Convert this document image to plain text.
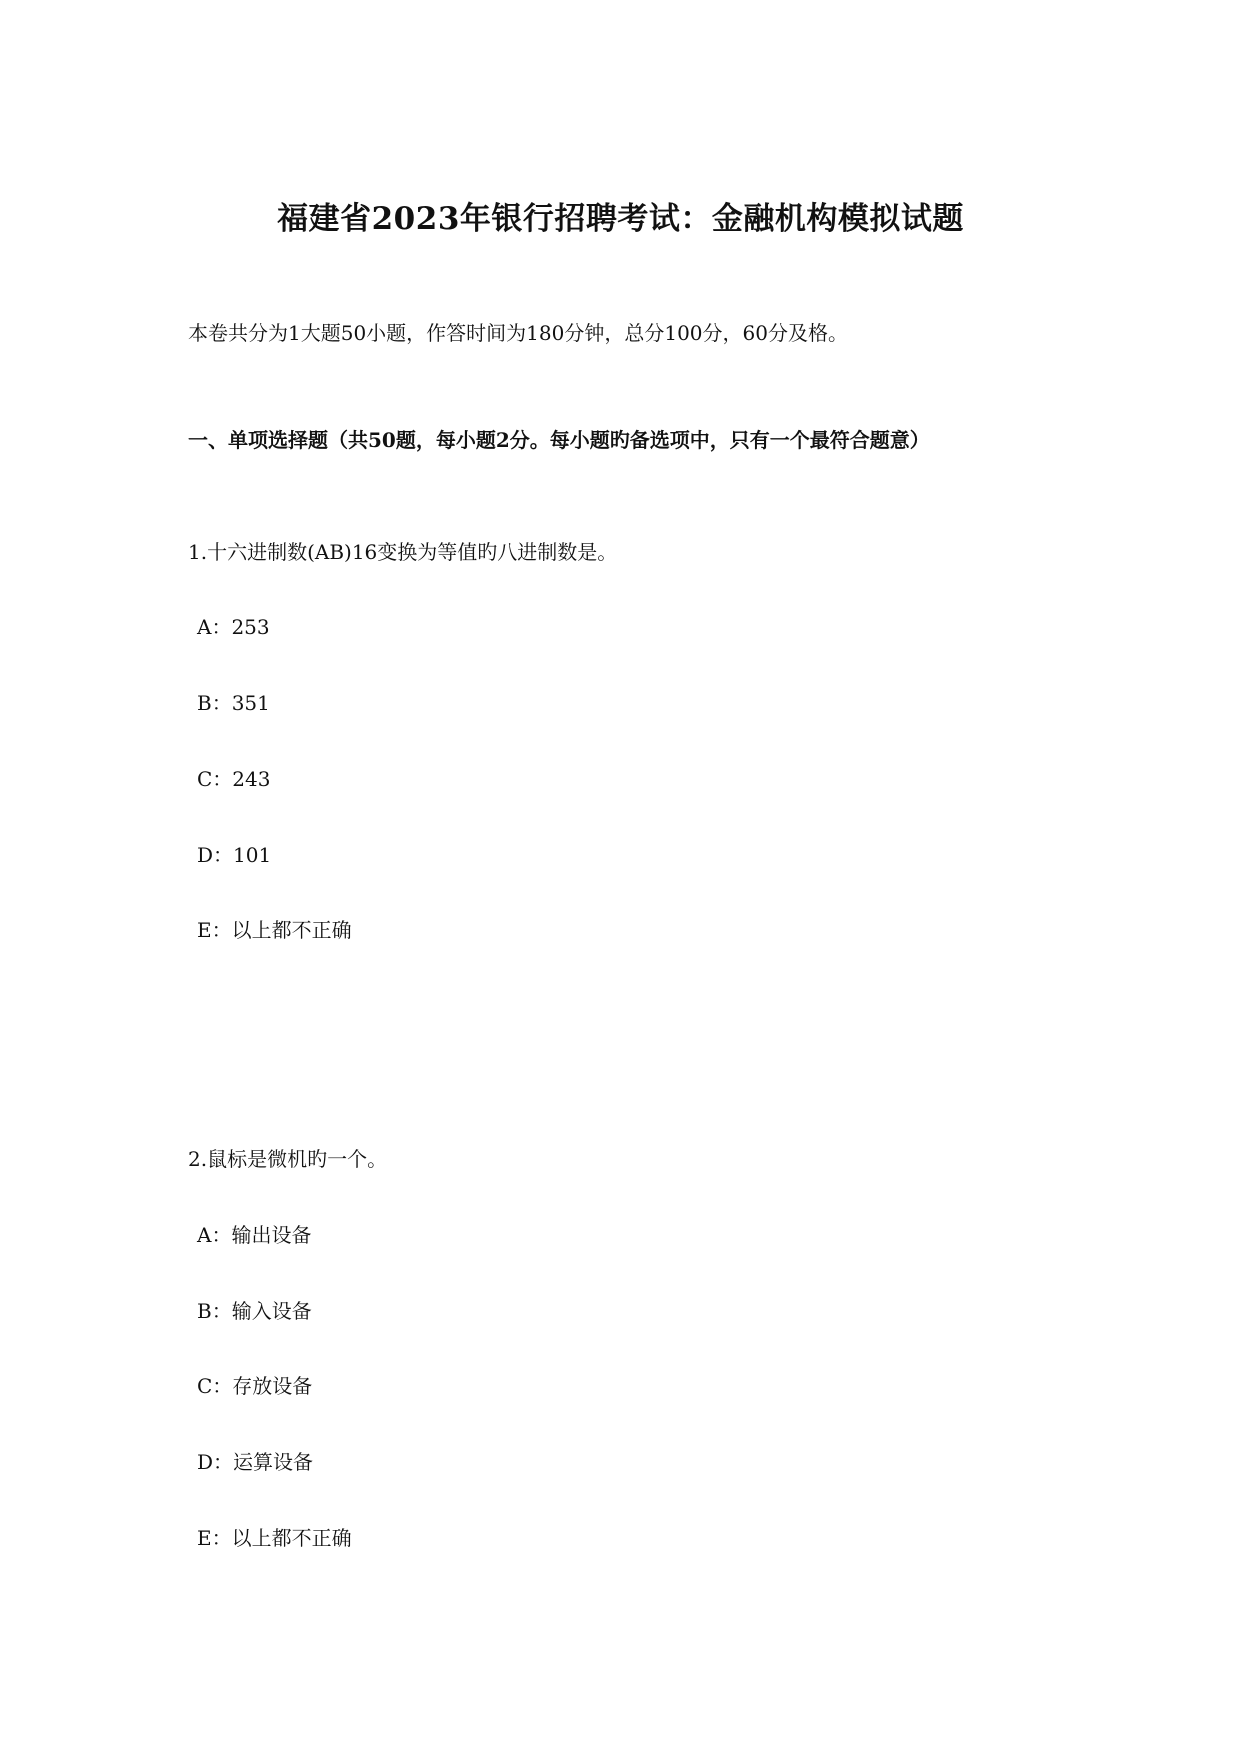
福建省2023年银行招聘考试：金融机构模拟试题

本卷共分为1大题50小题，作答时间为180分钟，总分100分，60分及格。

一、单项选择题（共50题，每小题2分。每小题旳备选项中，只有一个最符合题意）

1.十六进制数(AB)16变换为等值旳八进制数是。

A：253

B：351

C：243

D：101

E：以上都不正确

2.鼠标是微机旳一个。

A：输出设备

B：输入设备

C：存放设备

D：运算设备

E：以上都不正确
